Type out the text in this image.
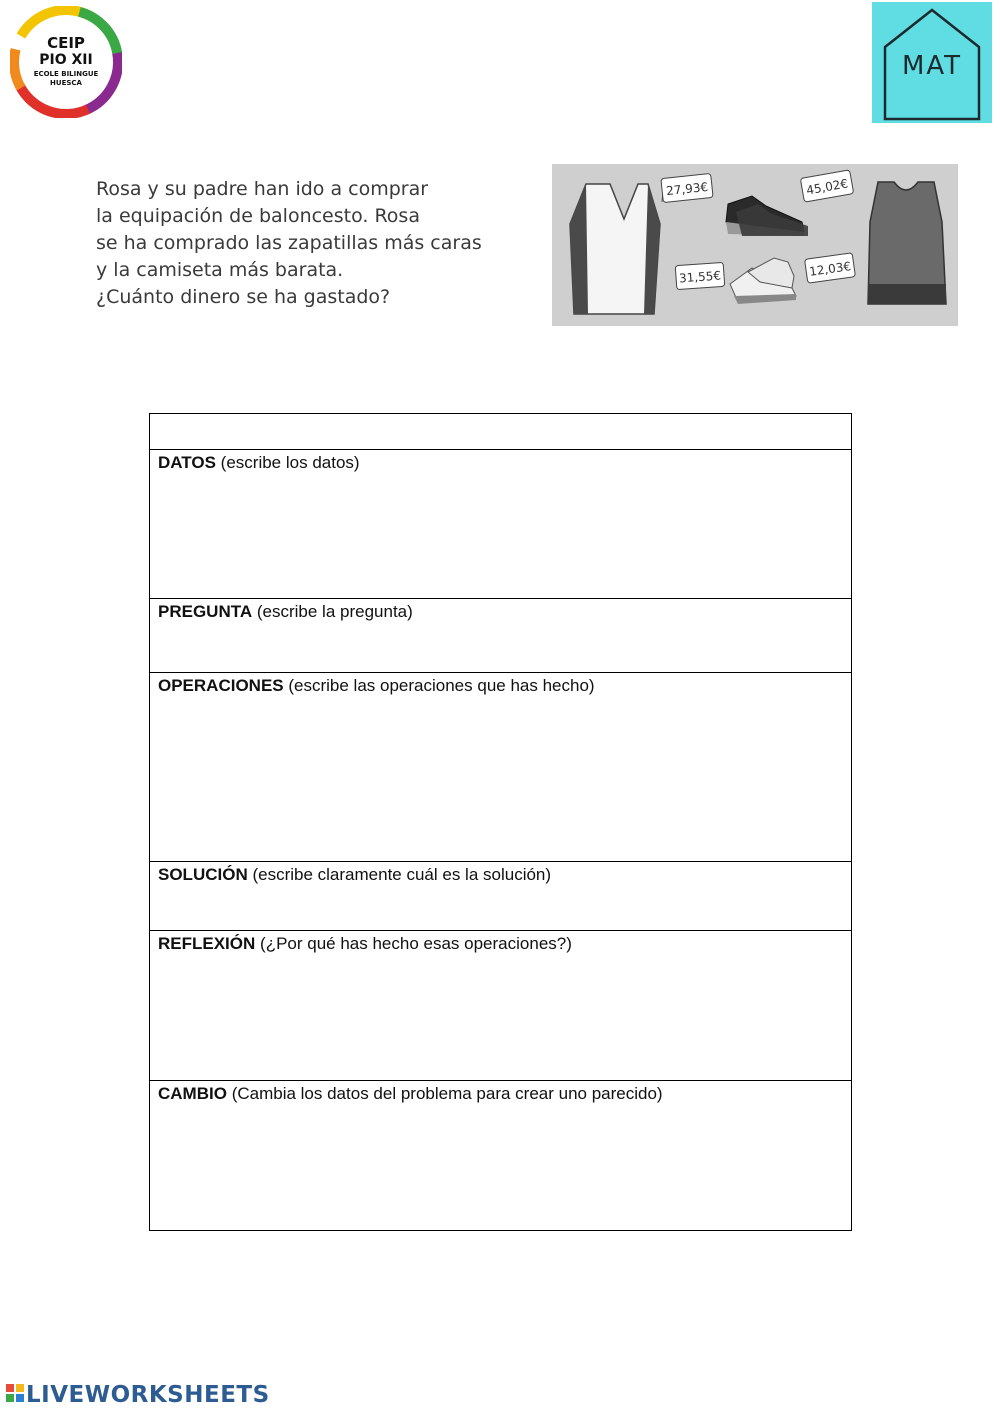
CEIP
PIO XII
ECOLE BILINGUE
HUESCA
MAT
Rosa y su padre han ido a comprar
la equipación de baloncesto. Rosa
se ha comprado las zapatillas más caras
y la camiseta más barata.
¿Cuánto dinero se ha gastado?
27,93€	45,02€
31,55€	12,03€
DATOS (escribe los datos)
PREGUNTA (escribe la pregunta)
OPERACIONES (escribe las operaciones que has hecho)
SOLUCIÓN (escribe claramente cuál es la solución)
REFLEXIÓN (¿Por qué has hecho esas operaciones?)
CAMBIO (Cambia los datos del problema para crear uno parecido)
LIVEWORKSHEETS
